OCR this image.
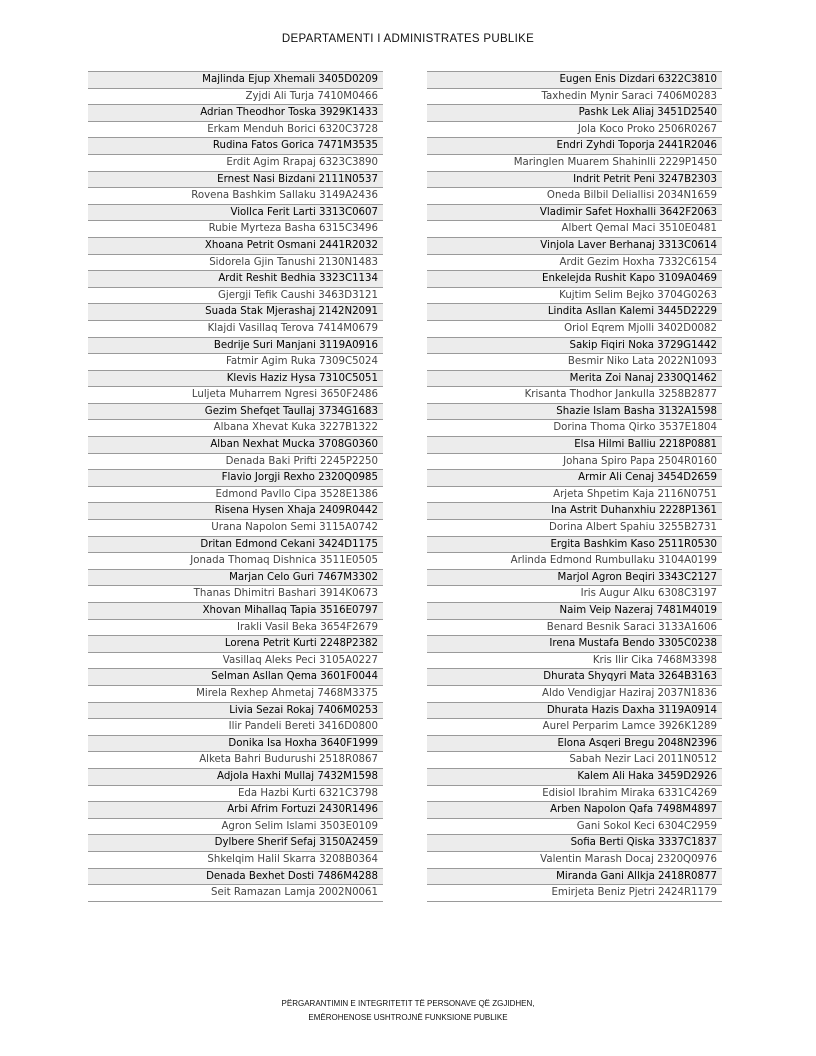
DEPARTAMENTI I ADMINISTRATES PUBLIKE
Majlinda Ejup Xhemali 3405D0209
Zyjdi Ali Turja 7410M0466
Adrian Theodhor Toska 3929K1433
Erkam Menduh Borici 6320C3728
Rudina Fatos Gorica 7471M3535
Erdit Agim Rrapaj 6323C3890
Ernest Nasi Bizdani 2111N0537
Rovena Bashkim Sallaku 3149A2436
Viollca Ferit Larti 3313C0607
Rubie Myrteza Basha 6315C3496
Xhoana Petrit Osmani 2441R2032
Sidorela Gjin Tanushi 2130N1483
Ardit Reshit Bedhia 3323C1134
Gjergji Tefik Caushi 3463D3121
Suada Stak Mjerashaj 2142N2091
Klajdi Vasillaq Terova 7414M0679
Bedrije Suri Manjani 3119A0916
Fatmir Agim Ruka 7309C5024
Klevis Haziz Hysa 7310C5051
Luljeta Muharrem Ngresi 3650F2486
Gezim Shefqet Taullaj 3734G1683
Albana Xhevat Kuka 3227B1322
Alban Nexhat Mucka 3708G0360
Denada Baki Prifti 2245P2250
Flavio Jorgji Rexho 2320Q0985
Edmond Pavllo Cipa 3528E1386
Risena Hysen Xhaja 2409R0442
Urana Napolon Semi 3115A0742
Dritan Edmond Cekani 3424D1175
Jonada Thomaq Dishnica 3511E0505
Marjan Celo Guri 7467M3302
Thanas Dhimitri Bashari 3914K0673
Xhovan Mihallaq Tapia 3516E0797
Irakli Vasil Beka 3654F2679
Lorena Petrit Kurti 2248P2382
Vasillaq Aleks Peci 3105A0227
Selman Asllan Qema 3601F0044
Mirela Rexhep Ahmetaj 7468M3375
Livia Sezai Rokaj 7406M0253
Ilir Pandeli Bereti 3416D0800
Donika Isa Hoxha 3640F1999
Alketa Bahri Budurushi 2518R0867
Adjola Haxhi Mullaj 7432M1598
Eda Hazbi Kurti 6321C3798
Arbi Afrim Fortuzi 2430R1496
Agron Selim Islami 3503E0109
Dylbere Sherif Sefaj 3150A2459
Shkelqim Halil Skarra 3208B0364
Denada Bexhet Dosti 7486M4288
Seit Ramazan Lamja 2002N0061
Eugen Enis Dizdari 6322C3810
Taxhedin Mynir Saraci 7406M0283
Pashk Lek Aliaj 3451D2540
Jola Koco Proko 2506R0267
Endri Zyhdi Toporja 2441R2046
Maringlen Muarem Shahinlli 2229P1450
Indrit Petrit Peni 3247B2303
Oneda Bilbil Deliallisi 2034N1659
Vladimir Safet Hoxhalli 3642F2063
Albert Qemal Maci 3510E0481
Vinjola Laver Berhanaj 3313C0614
Ardit Gezim Hoxha 7332C6154
Enkelejda Rushit Kapo 3109A0469
Kujtim Selim Bejko 3704G0263
Lindita Asllan Kalemi 3445D2229
Oriol Eqrem Mjolli 3402D0082
Sakip Fiqiri Noka 3729G1442
Besmir Niko Lata 2022N1093
Merita Zoi Nanaj 2330Q1462
Krisanta Thodhor Jankulla 3258B2877
Shazie Islam Basha 3132A1598
Dorina Thoma Qirko 3537E1804
Elsa Hilmi Balliu 2218P0881
Johana Spiro Papa 2504R0160
Armir Ali Cenaj 3454D2659
Arjeta Shpetim Kaja 2116N0751
Ina Astrit Duhanxhiu 2228P1361
Dorina Albert Spahiu 3255B2731
Ergita Bashkim Kaso 2511R0530
Arlinda Edmond Rumbullaku 3104A0199
Marjol Agron Beqiri 3343C2127
Iris Augur Alku 6308C3197
Naim Veip Nazeraj 7481M4019
Benard Besnik Saraci 3133A1606
Irena Mustafa Bendo 3305C0238
Kris Ilir Cika 7468M3398
Dhurata Shyqyri Mata 3264B3163
Aldo Vendigjar Haziraj 2037N1836
Dhurata Hazis Daxha 3119A0914
Aurel Perparim Lamce 3926K1289
Elona Asqeri Bregu 2048N2396
Sabah Nezir Laci 2011N0512
Kalem Ali Haka 3459D2926
Edisiol Ibrahim Miraka 6331C4269
Arben Napolon Qafa 7498M4897
Gani Sokol Keci 6304C2959
Sofia Berti Qiska 3337C1837
Valentin Marash Docaj 2320Q0976
Miranda Gani Allkja 2418R0877
Emirjeta Beniz Pjetri 2424R1179
PËRGARANTIMIN E INTEGRITETIT TË PERSONAVE QË ZGJIDHEN,
EMËROHENOSE USHTROJNË FUNKSIONE PUBLIKE
